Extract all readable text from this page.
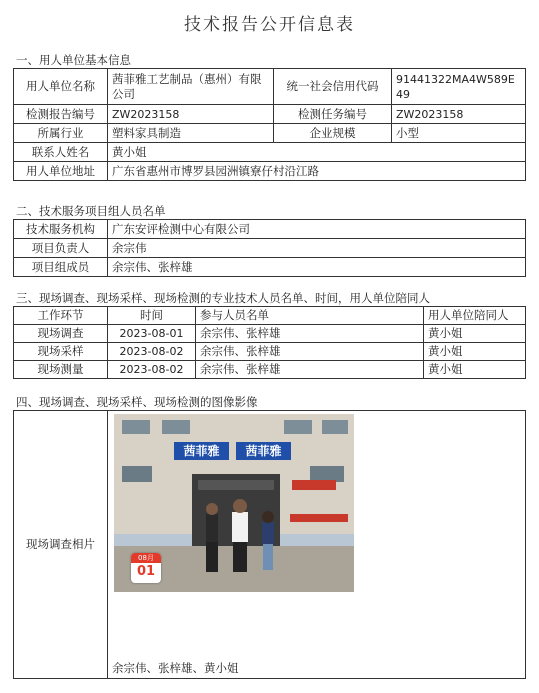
技术报告公开信息表
一、用人单位基本信息
用人单位名称	茜菲雅工艺制品（惠州）有限公司	统一社会信用代码	91441322MA4W589E49
检测报告编号	ZW2023158	检测任务编号	ZW2023158
所属行业	塑料家具制造	企业规模	小型
联系人姓名	黄小姐		
用人单位地址	广东省惠州市博罗县园洲镇寮仔村沿江路		
二、技术服务项目组人员名单
技术服务机构	广东安评检测中心有限公司
项目负责人	余宗伟
项目组成员	余宗伟、张梓雄
三、现场调查、现场采样、现场检测的专业技术人员名单、时间，用人单位陪同人
工作环节	时间	参与人员名单	用人单位陪同人
现场调查	2023-08-01	余宗伟、张梓雄	黄小姐
现场采样	2023-08-02	余宗伟、张梓雄	黄小姐
现场测量	2023-08-02	余宗伟、张梓雄	黄小姐
四、现场调查、现场采样、现场检测的图像影像
现场调查相片	
茜菲雅	茜菲雅
08月
01
余宗伟、张梓雄、黄小姐
